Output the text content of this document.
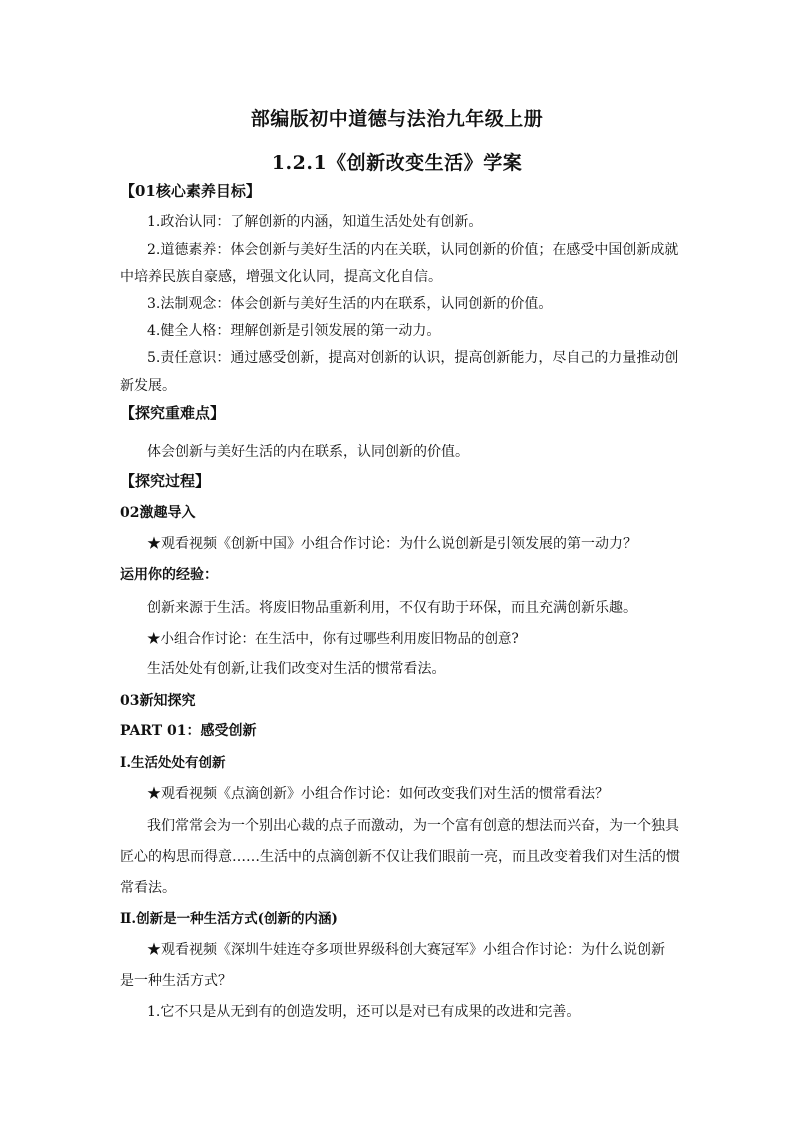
部编版初中道德与法治九年级上册
1.2.1《创新改变生活》学案
【01核心素养目标】
1.政治认同：了解创新的内涵，知道生活处处有创新。
2.道德素养：体会创新与美好生活的内在关联，认同创新的价值；在感受中国创新成就
中培养民族自豪感，增强文化认同，提高文化自信。
3.法制观念：体会创新与美好生活的内在联系，认同创新的价值。
4.健全人格：理解创新是引领发展的第一动力。
5.责任意识：通过感受创新，提高对创新的认识，提高创新能力，尽自己的力量推动创
新发展。
【探究重难点】
体会创新与美好生活的内在联系，认同创新的价值。
【探究过程】
02激趣导入
★观看视频《创新中国》小组合作讨论：为什么说创新是引领发展的第一动力？
运用你的经验：
创新来源于生活。将废旧物品重新利用，不仅有助于环保，而且充满创新乐趣。
★小组合作讨论：在生活中，你有过哪些利用废旧物品的创意?
生活处处有创新,让我们改变对生活的惯常看法。
03新知探究
PART 01：感受创新
Ⅰ.生活处处有创新
★观看视频《点滴创新》小组合作讨论：如何改变我们对生活的惯常看法？
我们常常会为一个别出心裁的点子而激动，为一个富有创意的想法而兴奋，为一个独具
匠心的构思而得意……生活中的点滴创新不仅让我们眼前一亮，而且改变着我们对生活的惯
常看法。
Ⅱ.创新是一种生活方式(创新的内涵)
★观看视频《深圳牛娃连夺多项世界级科创大赛冠军》小组合作讨论：为什么说创新
是一种生活方式？
1.它不只是从无到有的创造发明，还可以是对已有成果的改进和完善。
